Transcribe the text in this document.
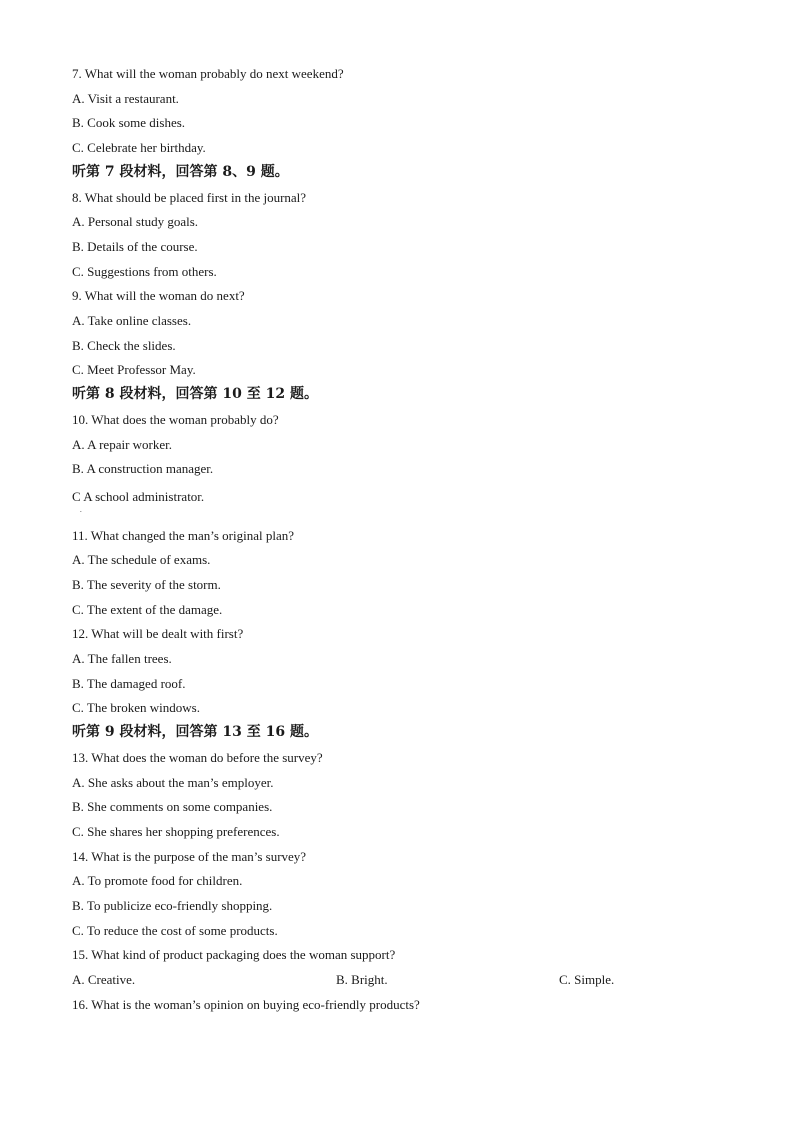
7. What will the woman probably do next weekend?
A. Visit a restaurant.
B. Cook some dishes.
C. Celebrate her birthday.
听第 7 段材料，回答第 8、9 题。
8. What should be placed first in the journal?
A. Personal study goals.
B. Details of the course.
C. Suggestions from others.
9. What will the woman do next?
A. Take online classes.
B. Check the slides.
C. Meet Professor May.
听第 8 段材料，回答第 10 至 12 题。
10. What does the woman probably do?
A. A repair worker.
B. A construction manager.
C A school administrator.
.
11. What changed the man’s original plan?
A. The schedule of exams.
B. The severity of the storm.
C. The extent of the damage.
12. What will be dealt with first?
A. The fallen trees.
B. The damaged roof.
C. The broken windows.
听第 9 段材料，回答第 13 至 16 题。
13. What does the woman do before the survey?
A. She asks about the man’s employer.
B. She comments on some companies.
C. She shares her shopping preferences.
14. What is the purpose of the man’s survey?
A. To promote food for children.
B. To publicize eco-friendly shopping.
C. To reduce the cost of some products.
15. What kind of product packaging does the woman support?
A. Creative.	B. Bright.	C. Simple.
16. What is the woman’s opinion on buying eco-friendly products?
